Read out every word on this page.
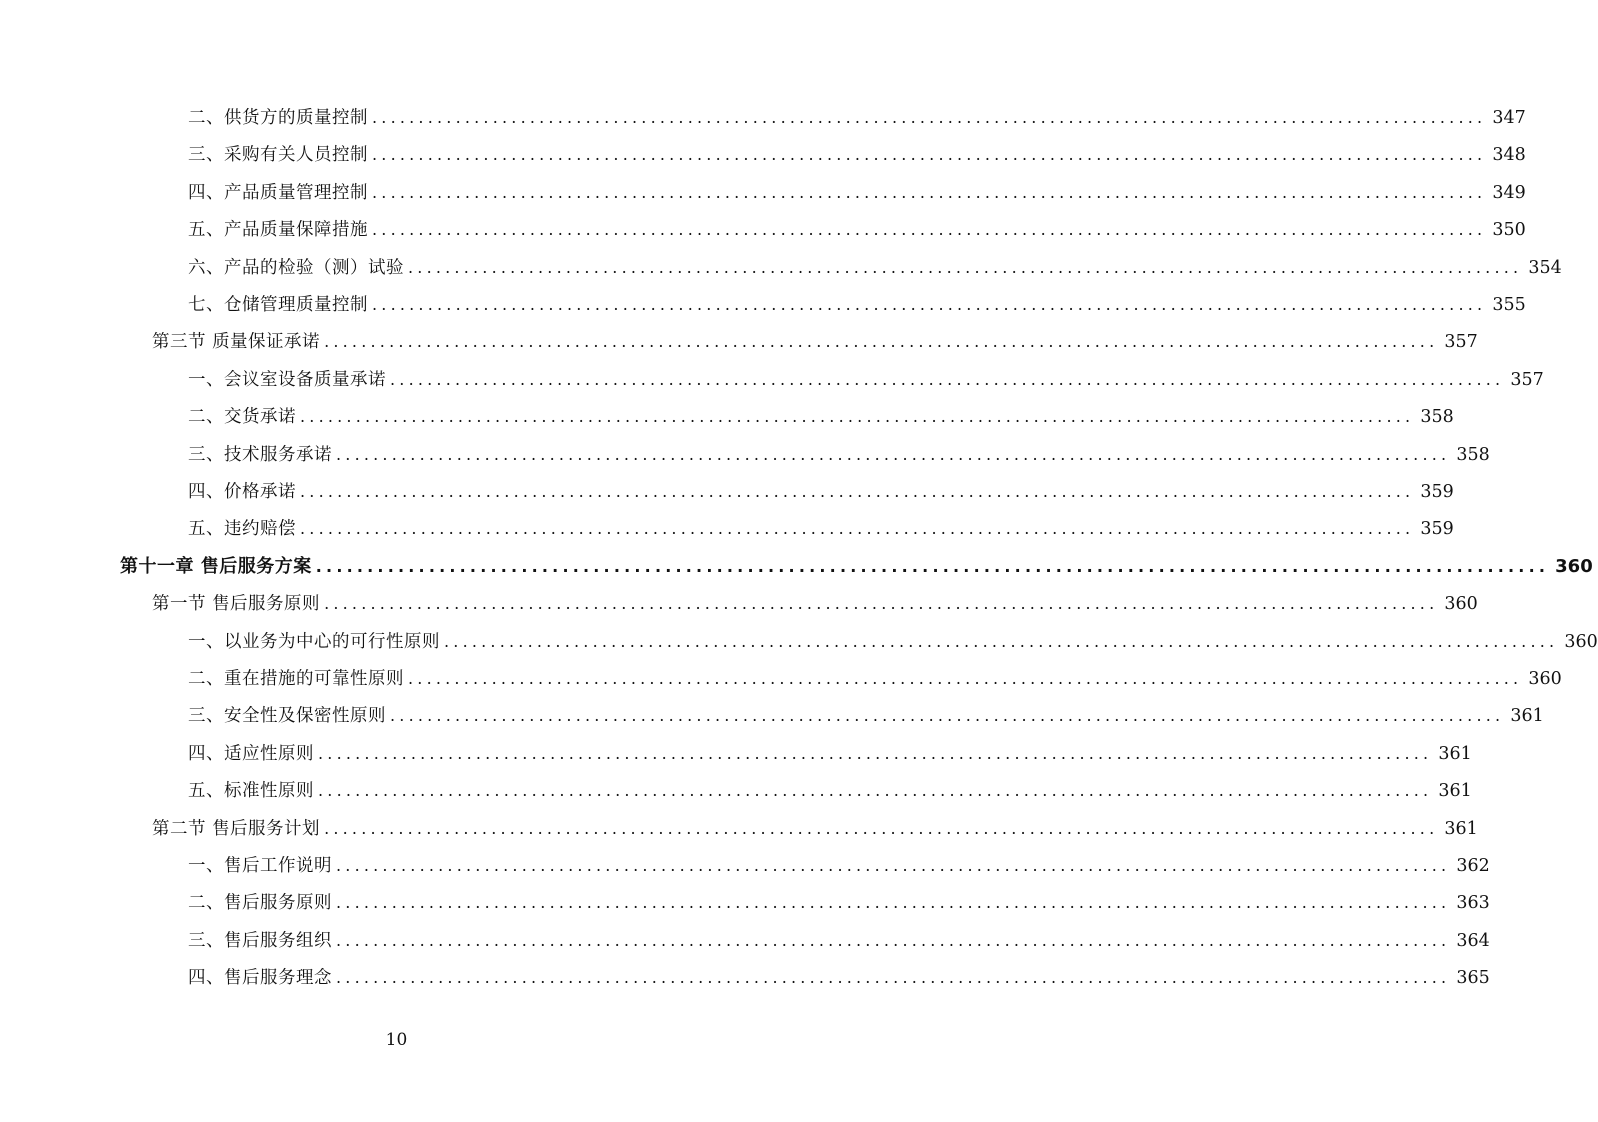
二、供货方的质量控制 ........................................................................................................................ 347
三、采购有关人员控制 ........................................................................................................................ 348
四、产品质量管理控制 ........................................................................................................................ 349
五、产品质量保障措施 ........................................................................................................................ 350
六、产品的检验（测）试验 ........................................................................................................................ 354
七、仓储管理质量控制 ........................................................................................................................ 355
第三节 质量保证承诺 ........................................................................................................................ 357
一、会议室设备质量承诺 ........................................................................................................................ 357
二、交货承诺 ........................................................................................................................ 358
三、技术服务承诺 ........................................................................................................................ 358
四、价格承诺 ........................................................................................................................ 359
五、违约赔偿 ........................................................................................................................ 359
第十一章 售后服务方案 ........................................................................................................................ 360
第一节 售后服务原则 ........................................................................................................................ 360
一、以业务为中心的可行性原则 ........................................................................................................................ 360
二、重在措施的可靠性原则 ........................................................................................................................ 360
三、安全性及保密性原则 ........................................................................................................................ 361
四、适应性原则 ........................................................................................................................ 361
五、标准性原则 ........................................................................................................................ 361
第二节 售后服务计划 ........................................................................................................................ 361
一、售后工作说明 ........................................................................................................................ 362
二、售后服务原则 ........................................................................................................................ 363
三、售后服务组织 ........................................................................................................................ 364
四、售后服务理念 ........................................................................................................................ 365
10
